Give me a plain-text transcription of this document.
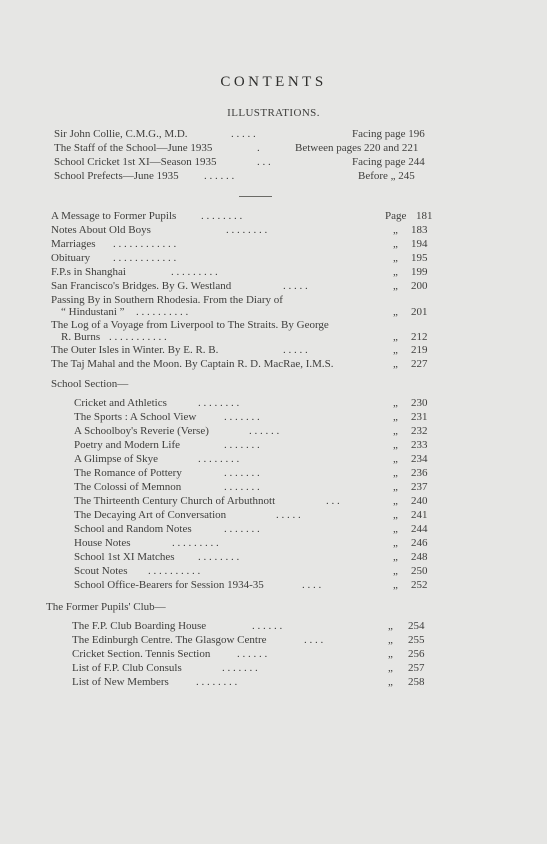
CONTENTS
ILLUSTRATIONS.
Sir John Collie, C.M.G., M.D.	. . . . .	Facing page 196
The Staff of the School—June 1935	.	Between pages 220 and 221
School Cricket 1st XI—Season 1935	. . .	Facing page 244
School Prefects—June 1935 . . . . . .	Before „ 245
A Message to Former Pupils . . . . . . . .	Page 181
Notes About Old Boys	. . . . . . . .	„ 183
Marriages . . . . . . . . . . . .	„ 194
Obituary . . . . . . . . . . . .	„ 195
F.P.s in Shanghai	. . . . . . . . .	„ 199
San Francisco's Bridges. By G. Westland	. . . . .	„ 200
Passing By in Southern Rhodesia. From the Diary of
“ Hindustani ” . . . . . . . . . .	„ 201
The Log of a Voyage from Liverpool to The Straits. By George
R. Burns . . . . . . . . . . .	„ 212
The Outer Isles in Winter. By E. R. B.	. . . . .	„ 219
The Taj Mahal and the Moon. By Captain R. D. MacRae, I.M.S.	„ 227
School Section—
Cricket and Athletics	. . . . . . . .	„ 230
The Sports : A School View	. . . . . . .	„ 231
A Schoolboy's Reverie (Verse)	. . . . . .	„ 232
Poetry and Modern Life	. . . . . . .	„ 233
A Glimpse of Skye	. . . . . . . .	„ 234
The Romance of Pottery	. . . . . . .	„ 236
The Colossi of Memnon	. . . . . . .	„ 237
The Thirteenth Century Church of Arbuthnott	. . .	„ 240
The Decaying Art of Conversation	. . . . .	„ 241
School and Random Notes	. . . . . . .	„ 244
House Notes	. . . . . . . . .	„ 246
School 1st XI Matches . . . . . . . .	„ 248
Scout Notes . . . . . . . . . .	„ 250
School Office-Bearers for Session 1934-35	. . . .	„ 252
The Former Pupils' Club—
The F.P. Club Boarding House	. . . . . .	„ 254
The Edinburgh Centre. The Glasgow Centre	. . . .	„ 255
Cricket Section. Tennis Section . . . . . .	„ 256
List of F.P. Club Consuls	. . . . . . .	„ 257
List of New Members . . . . . . . .	„ 258
